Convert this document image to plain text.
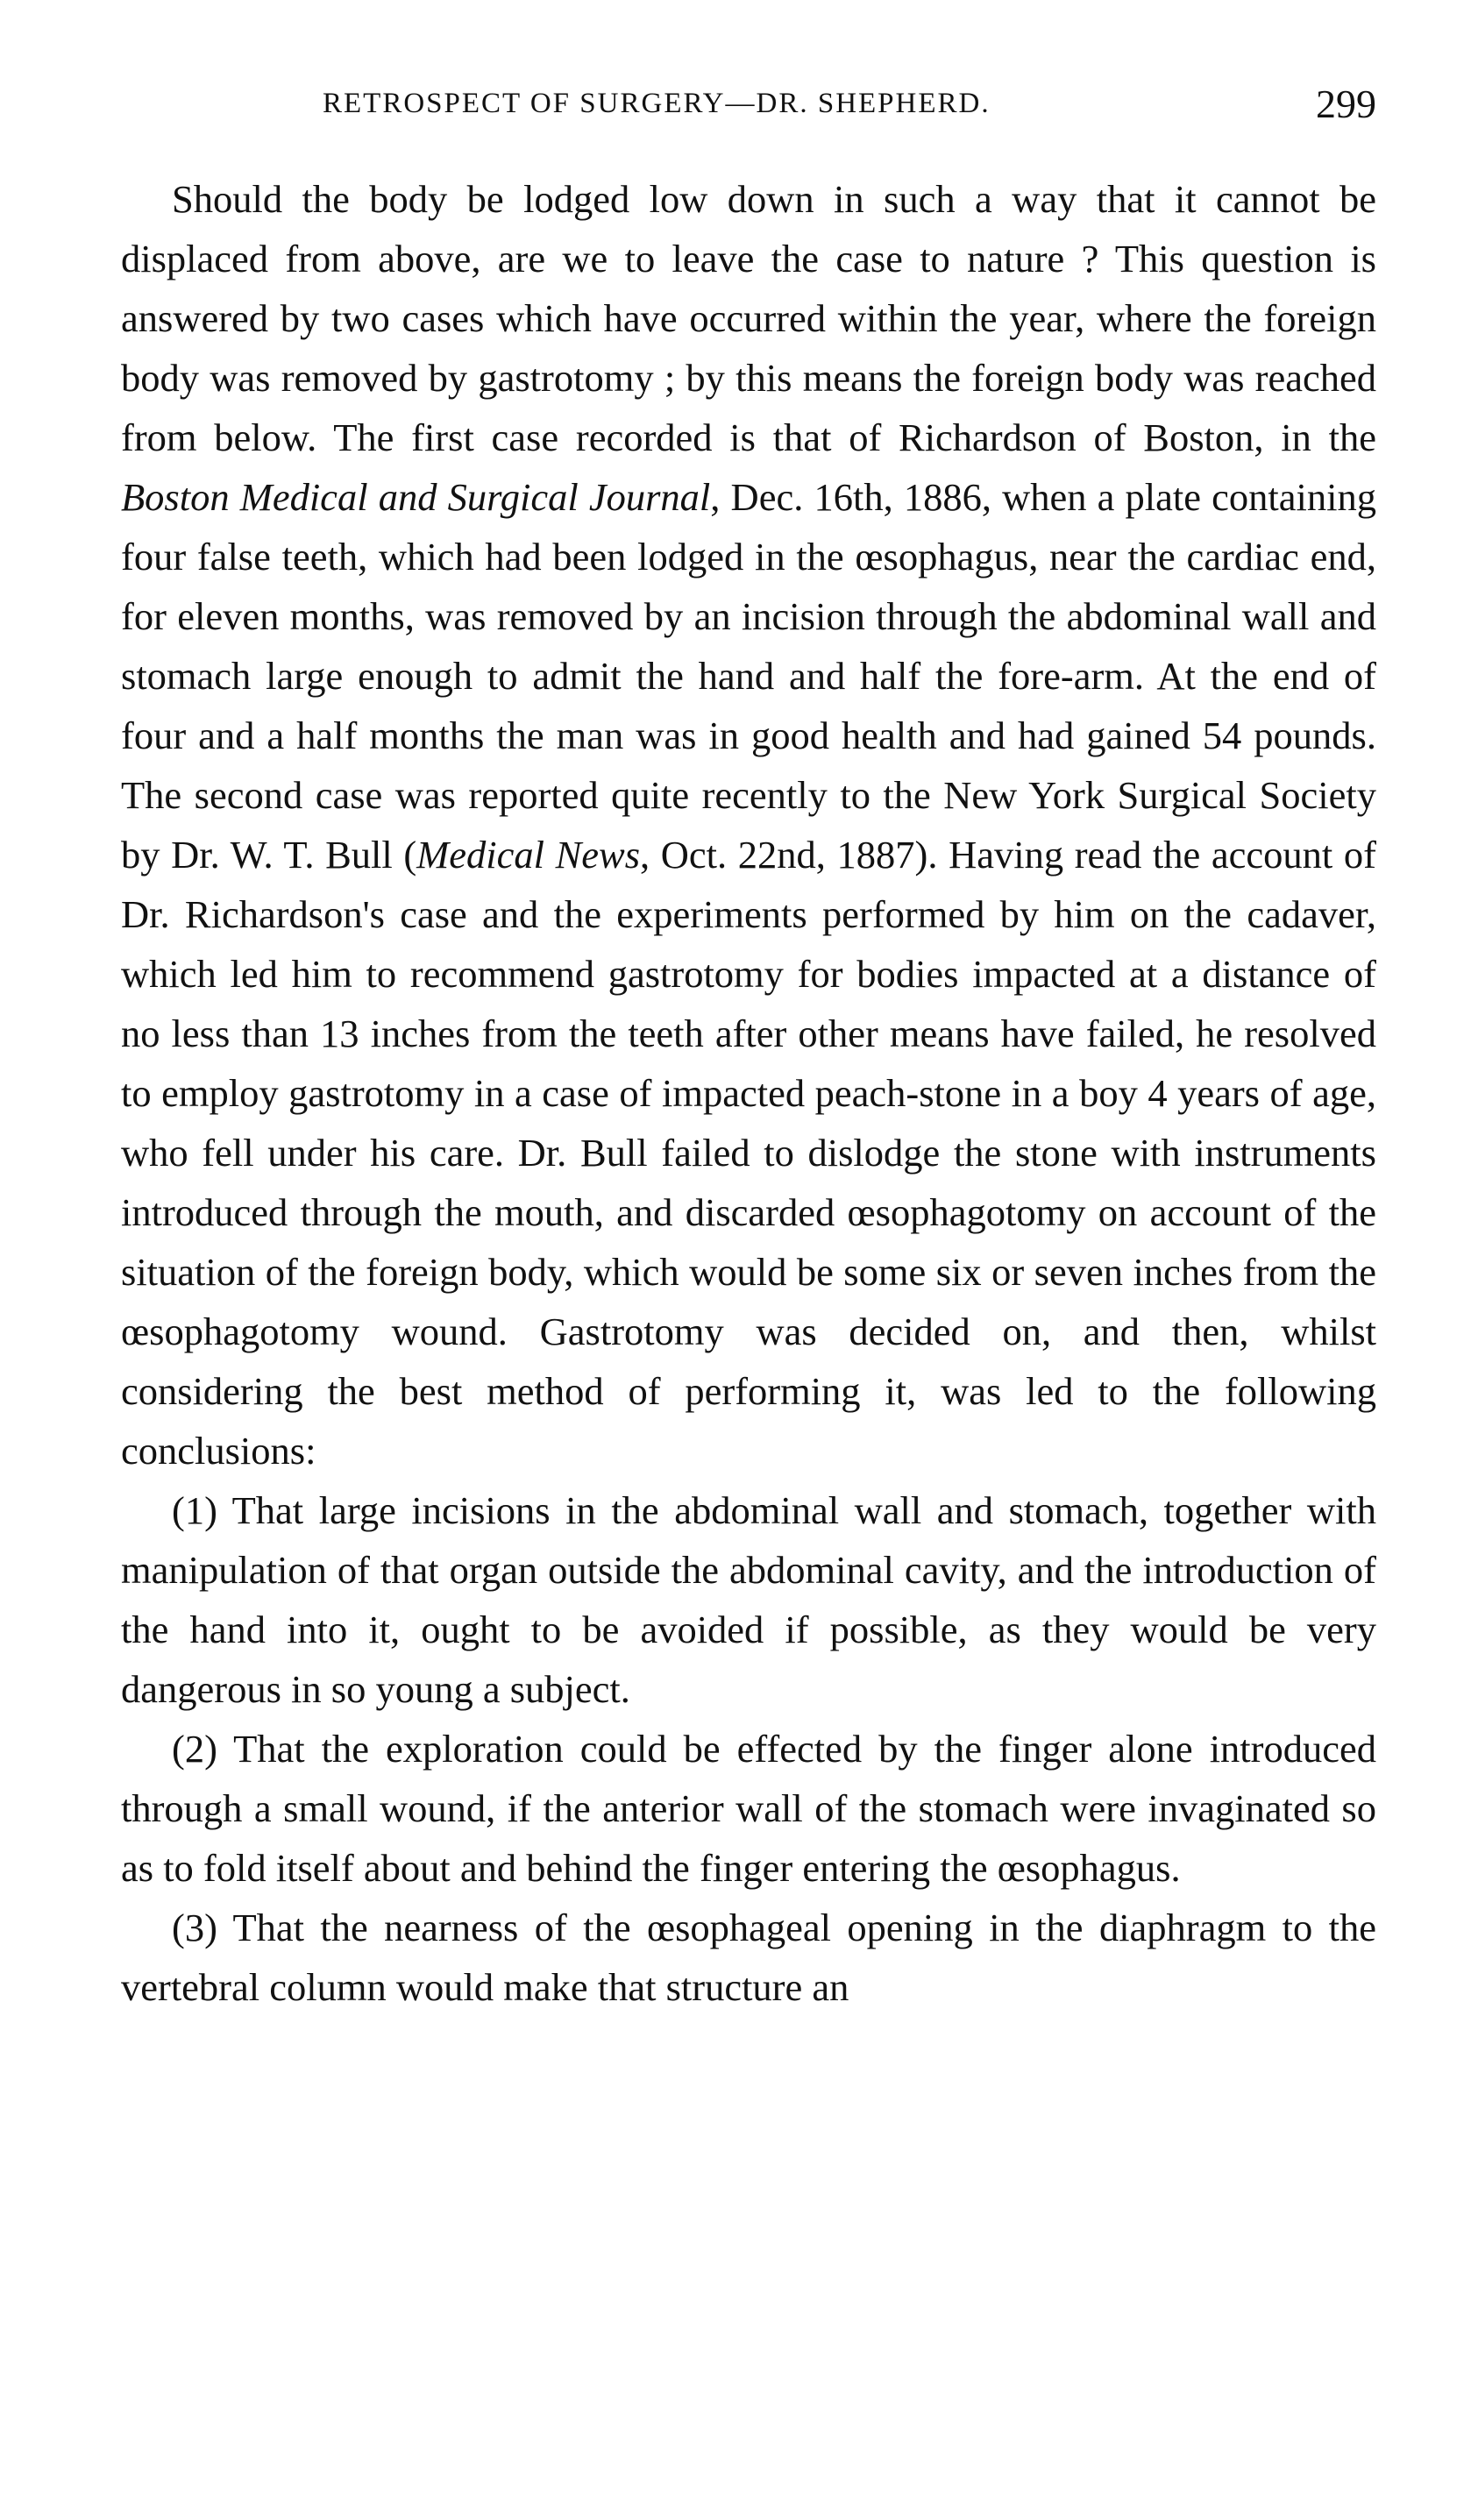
RETROSPECT OF SURGERY—DR. SHEPHERD.	299

Should the body be lodged low down in such a way that it cannot be displaced from above, are we to leave the case to nature ? This question is answered by two cases which have occurred within the year, where the foreign body was removed by gastrotomy ; by this means the foreign body was reached from below. The first case recorded is that of Richardson of Boston, in the Boston Medical and Surgical Journal, Dec. 16th, 1886, when a plate containing four false teeth, which had been lodged in the œsophagus, near the cardiac end, for eleven months, was removed by an incision through the abdominal wall and stomach large enough to admit the hand and half the fore-arm. At the end of four and a half months the man was in good health and had gained 54 pounds. The second case was reported quite recently to the New York Surgical Society by Dr. W. T. Bull (Medical News, Oct. 22nd, 1887). Having read the account of Dr. Richardson's case and the experiments performed by him on the cadaver, which led him to recommend gastrotomy for bodies impacted at a distance of no less than 13 inches from the teeth after other means have failed, he resolved to employ gastrotomy in a case of impacted peach-stone in a boy 4 years of age, who fell under his care. Dr. Bull failed to dislodge the stone with instruments introduced through the mouth, and discarded œsophagotomy on account of the situation of the foreign body, which would be some six or seven inches from the œsophagotomy wound. Gastrotomy was decided on, and then, whilst considering the best method of performing it, was led to the following conclusions:

(1) That large incisions in the abdominal wall and stomach, together with manipulation of that organ outside the abdominal cavity, and the introduction of the hand into it, ought to be avoided if possible, as they would be very dangerous in so young a subject.

(2) That the exploration could be effected by the finger alone introduced through a small wound, if the anterior wall of the stomach were invaginated so as to fold itself about and behind the finger entering the œsophagus.

(3) That the nearness of the œsophageal opening in the diaphragm to the vertebral column would make that structure an
